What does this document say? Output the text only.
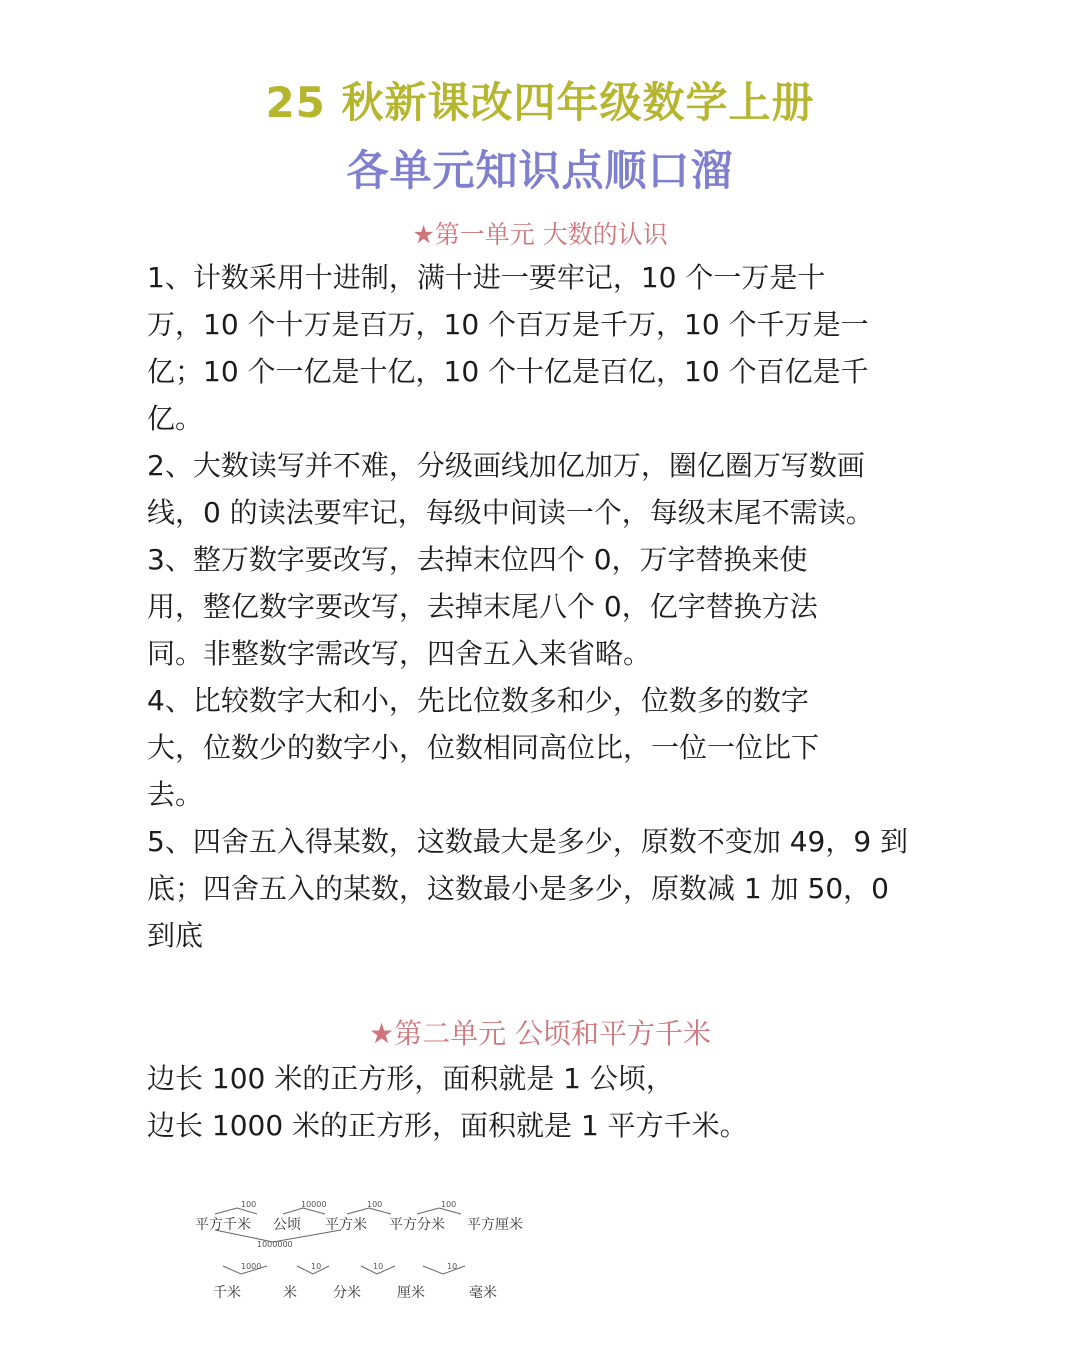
25 秋新课改四年级数学上册
各单元知识点顺口溜
★第一单元 大数的认识
1、计数采用十进制，满十进一要牢记，10 个一万是十
万，10 个十万是百万，10 个百万是千万，10 个千万是一
亿；10 个一亿是十亿，10 个十亿是百亿，10 个百亿是千
亿。
2、大数读写并不难，分级画线加亿加万，圈亿圈万写数画
线，0 的读法要牢记，每级中间读一个，每级末尾不需读。
3、整万数字要改写，去掉末位四个 0，万字替换来使
用，整亿数字要改写，去掉末尾八个 0，亿字替换方法
同。非整数字需改写，四舍五入来省略。
4、比较数字大和小，先比位数多和少，位数多的数字
大，位数少的数字小，位数相同高位比，一位一位比下
去。
5、四舍五入得某数，这数最大是多少，原数不变加 49，9 到
底；四舍五入的某数，这数最小是多少，原数减 1 加 50，0
到底
★第二单元 公顷和平方千米
边长 100 米的正方形，面积就是 1 公顷，
边长 1000 米的正方形，面积就是 1 平方千米。
平方千米 公顷 平方米 平方分米 平方厘米
100	10000	100	100
1000000
千米	米	分米	厘米	毫米
1000	10	10	10
